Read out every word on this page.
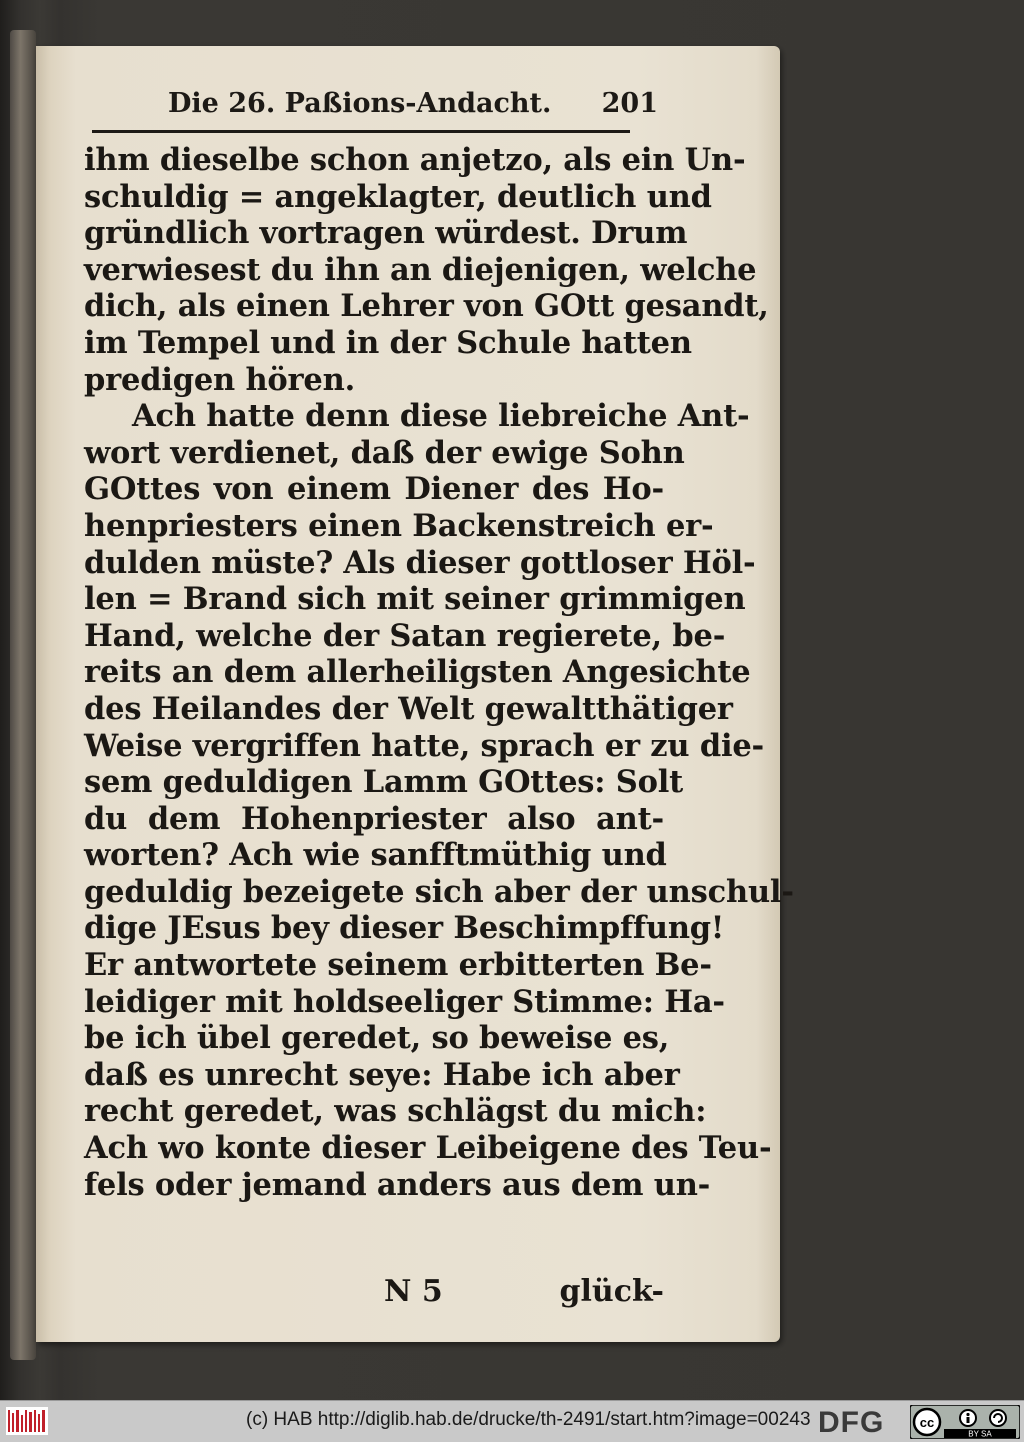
Die 26. Paßions-Andacht. 201
ihm dieselbe schon anjetzo, als ein Un-
schuldig = angeklagter, deutlich und
gründlich vortragen würdest. Drum
verwiesest du ihn an diejenigen, welche
dich, als einen Lehrer von GOtt gesandt,
im Tempel und in der Schule hatten
predigen hören.
Ach hatte denn diese liebreiche Ant-
wort verdienet, daß der ewige Sohn
GOttes von einem Diener des Ho-
henpriesters einen Backenstreich er-
dulden müste? Als dieser gottloser Höl-
len = Brand sich mit seiner grimmigen
Hand, welche der Satan regierete, be-
reits an dem allerheiligsten Angesichte
des Heilandes der Welt gewaltthätiger
Weise vergriffen hatte, sprach er zu die-
sem geduldigen Lamm GOttes: Solt
du dem Hohenpriester also ant-
worten? Ach wie sanfftmüthig und
geduldig bezeigete sich aber der unschul-
dige JEsus bey dieser Beschimpffung!
Er antwortete seinem erbitterten Be-
leidiger mit holdseeliger Stimme: Ha-
be ich übel geredet, so beweise es,
daß es unrecht seye: Habe ich aber
recht geredet, was schlägst du mich:
Ach wo konte dieser Leibeigene des Teu-
fels oder jemand anders aus dem un-
N 5	glück-
(c) HAB http://diglib.hab.de/drucke/th-2491/start.htm?image=00243 DFG	cc
BY SA
